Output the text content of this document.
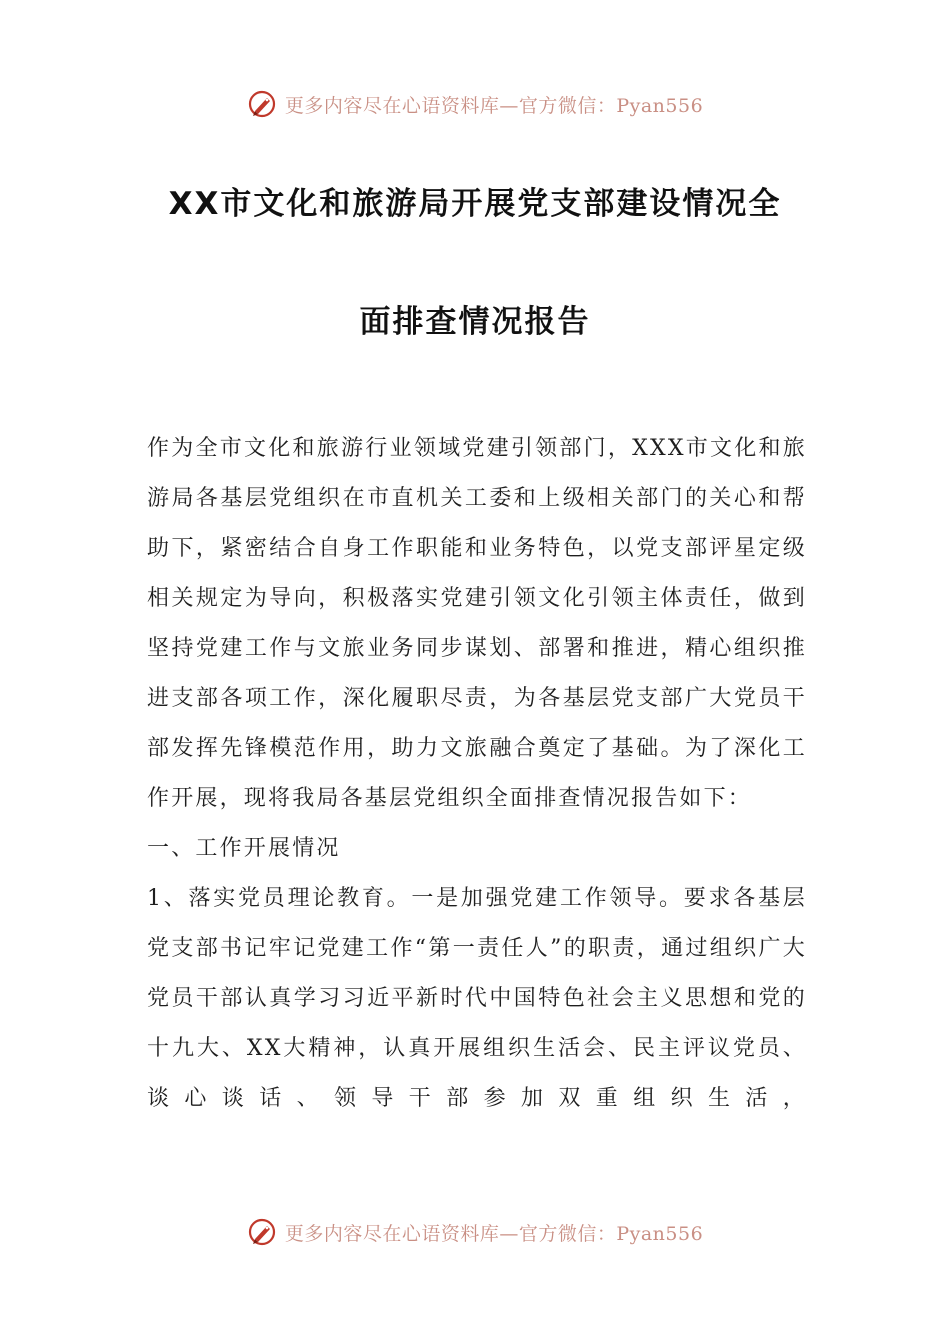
更多内容尽在心语资料库—官方微信：Pyan556
XX市文化和旅游局开展党支部建设情况全
面排查情况报告

作为全市文化和旅游行业领域党建引领部门，XXX市文化和旅游局各基层党组织在市直机关工委和上级相关部门的关心和帮助下，紧密结合自身工作职能和业务特色，以党支部评星定级相关规定为导向，积极落实党建引领文化引领主体责任，做到坚持党建工作与文旅业务同步谋划、部署和推进，精心组织推进支部各项工作，深化履职尽责，为各基层党支部广大党员干部发挥先锋模范作用，助力文旅融合奠定了基础。为了深化工作开展，现将我局各基层党组织全面排查情况报告如下：

一、工作开展情况

1、落实党员理论教育。一是加强党建工作领导。要求各基层党支部书记牢记党建工作“第一责任人”的职责，通过组织广大党员干部认真学习习近平新时代中国特色社会主义思想和党的十九大、XX大精神，认真开展组织生活会、民主评议党员、谈心谈话、领导干部参加双重组织生活，

更多内容尽在心语资料库—官方微信：Pyan556
